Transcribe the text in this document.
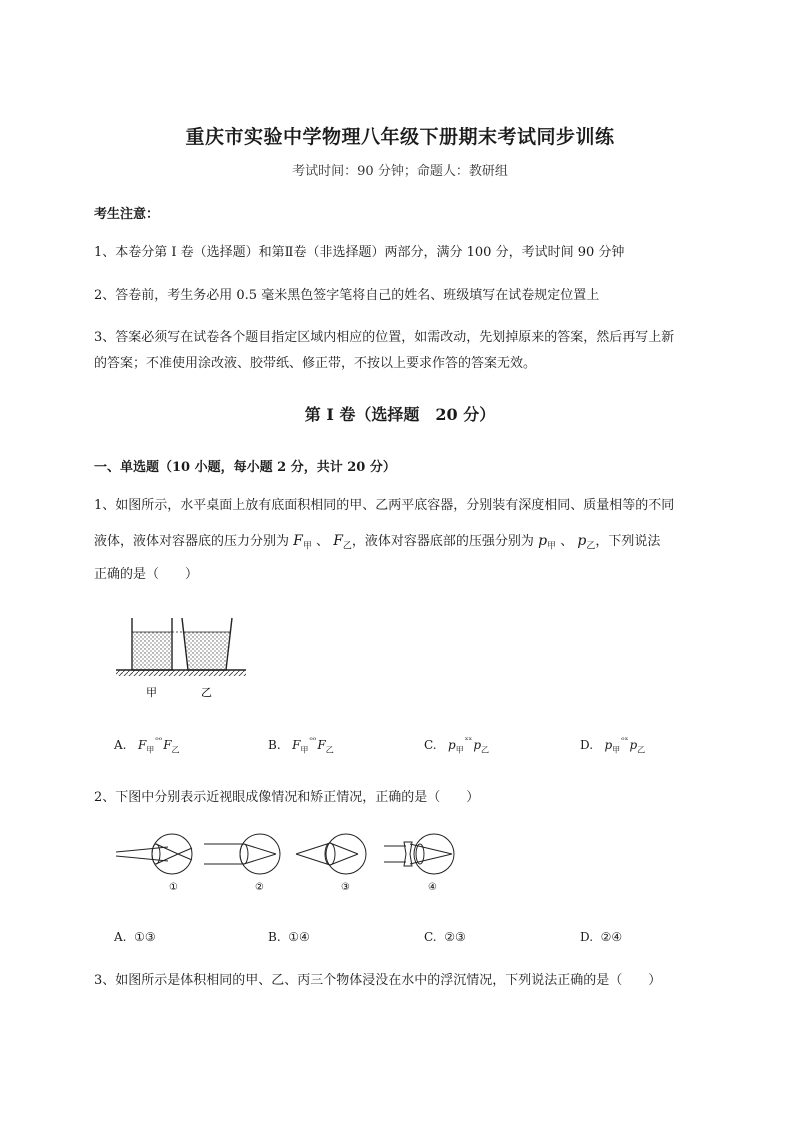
重庆市实验中学物理八年级下册期末考试同步训练
考试时间：90 分钟；命题人：教研组
考生注意：
1、本卷分第 I 卷（选择题）和第Ⅱ卷（非选择题）两部分，满分 100 分，考试时间 90 分钟
2、答卷前，考生务必用 0.5 毫米黑色签字笔将自己的姓名、班级填写在试卷规定位置上
3、答案必须写在试卷各个题目指定区域内相应的位置，如需改动，先划掉原来的答案，然后再写上新
的答案；不准使用涂改液、胶带纸、修正带，不按以上要求作答的答案无效。
第 I 卷（选择题　20 分）
一、单选题（10 小题，每小题 2 分，共计 20 分）
1、如图所示，水平桌面上放有底面积相同的甲、乙两平底容器，分别装有深度相同、质量相等的不同
液体，液体对容器底的压力分别为 $F_甲$ 、 $F_乙$，液体对容器底部的压强分别为 $p_甲$ 、 $p_乙$，下列说法
正确的是（　　）
甲	乙
A. $F_甲^{ᵒᵒ}F_乙$	B. $F_甲^{ᵒᵒ}F_乙$	C. $p_甲^{ˣˣ}p_乙$	D. $p_甲^{ᵒˣ}p_乙$
2、下图中分别表示近视眼成像情况和矫正情况，正确的是（　　）
①	②	③	④
A. ①③	B. ①④	C. ②③	D. ②④
3、如图所示是体积相同的甲、乙、丙三个物体浸没在水中的浮沉情况，下列说法正确的是（　　）
